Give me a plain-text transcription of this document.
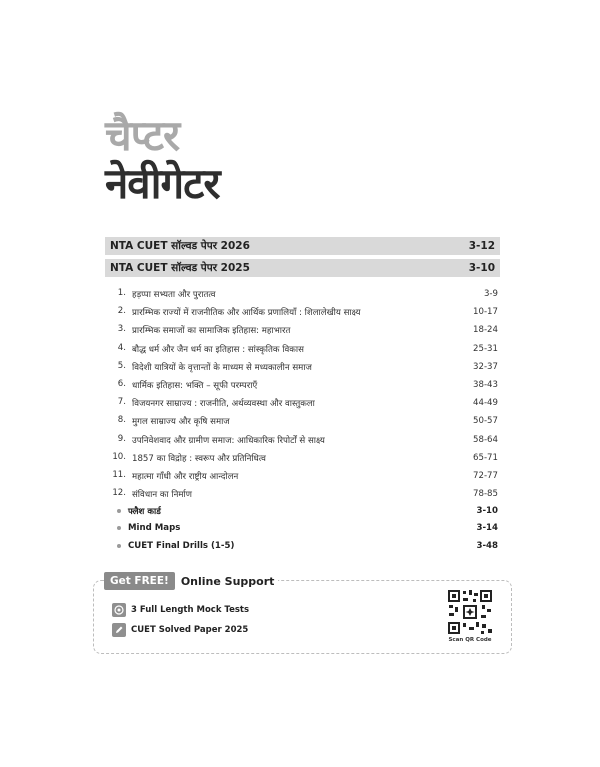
चैप्टर
नेवीगेटर
NTA CUET सॉल्वड पेपर 2026	3-12
NTA CUET सॉल्वड पेपर 2025	3-10
1. हड़प्पा सभ्यता और पुरातत्व	3-9
2. प्रारम्भिक राज्यों में राजनीतिक और आर्थिक प्रणालियाँ : शिलालेखीय साक्ष्य	10-17
3. प्रारम्भिक समाजों का सामाजिक इतिहास: महाभारत	18-24
4. बौद्ध धर्म और जैन धर्म का इतिहास : सांस्कृतिक विकास	25-31
5. विदेशी यात्रियों के वृत्तान्तों के माध्यम से मध्यकालीन समाज	32-37
6. धार्मिक इतिहास: भक्ति – सूफी परम्पराएँ	38-43
7. विजयनगर साम्राज्य : राजनीति, अर्थव्यवस्था और वास्तुकला	44-49
8. मुगल साम्राज्य और कृषि समाज	50-57
9. उपनिवेशवाद और ग्रामीण समाज: आधिकारिक रिपोर्टों से साक्ष्य	58-64
10. 1857 का विद्रोह : स्वरूप और प्रतिनिधित्व	65-71
11. महात्मा गाँधी और राष्ट्रीय आन्दोलन	72-77
12. संविधान का निर्माण	78-85
फ्लैश कार्ड	3-10
Mind Maps	3-14
CUET Final Drills (1-5)	3-48
Get FREE!	Online Support
3 Full Length Mock Tests
CUET Solved Paper 2025
Scan QR Code
